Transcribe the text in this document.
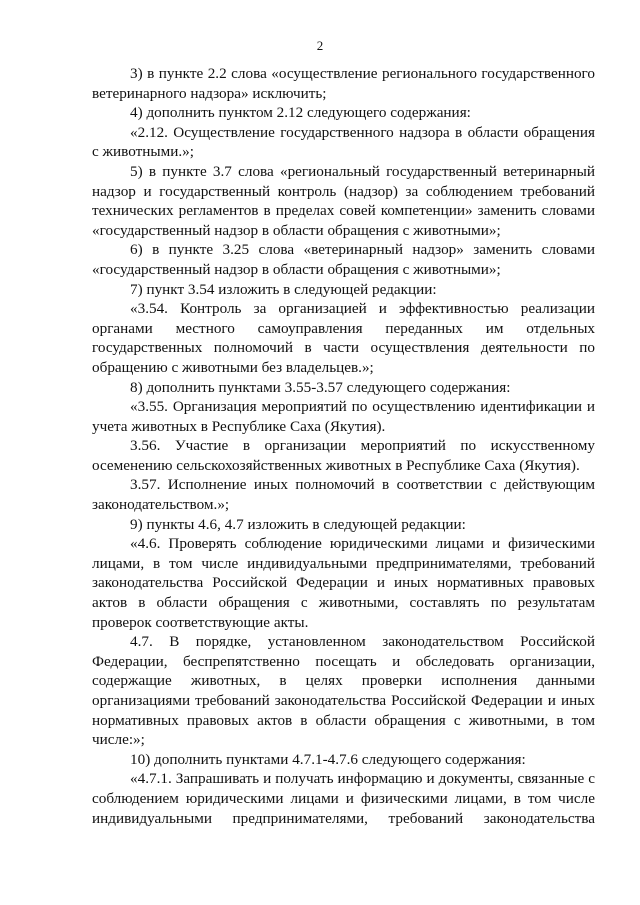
2

3) в пункте 2.2 слова «осуществление регионального государственного ветеринарного надзора» исключить;

4) дополнить пунктом 2.12 следующего содержания:

«2.12. Осуществление государственного надзора в области обращения с животными.»;

5) в пункте 3.7 слова «региональный государственный ветеринарный надзор и государственный контроль (надзор) за соблюдением требований технических регламентов в пределах совей компетенции» заменить словами «государственный надзор в области обращения с животными»;

6) в пункте 3.25 слова «ветеринарный надзор» заменить словами «государственный надзор в области обращения с животными»;

7) пункт 3.54 изложить в следующей редакции:

«3.54. Контроль за организацией и эффективностью реализации органами местного самоуправления переданных им отдельных государственных полномочий в части осуществления деятельности по обращению с животными без владельцев.»;

8) дополнить пунктами 3.55-3.57 следующего содержания:

«3.55. Организация мероприятий по осуществлению идентификации и учета животных в Республике Саха (Якутия).

3.56. Участие в организации мероприятий по искусственному осеменению сельскохозяйственных животных в Республике Саха (Якутия).

3.57. Исполнение иных полномочий в соответствии с действующим законодательством.»;

9) пункты 4.6, 4.7 изложить в следующей редакции:

«4.6. Проверять соблюдение юридическими лицами и физическими лицами, в том числе индивидуальными предпринимателями, требований законодательства Российской Федерации и иных нормативных правовых актов в области обращения с животными, составлять по результатам проверок соответствующие акты.

4.7. В порядке, установленном законодательством Российской Федерации, беспрепятственно посещать и обследовать организации, содержащие животных, в целях проверки исполнения данными организациями требований законодательства Российской Федерации и иных нормативных правовых актов в области обращения с животными, в том числе:»;

10) дополнить пунктами 4.7.1-4.7.6 следующего содержания:

«4.7.1. Запрашивать и получать информацию и документы, связанные с соблюдением юридическими лицами и физическими лицами, в том числе индивидуальными предпринимателями, требований законодательства
